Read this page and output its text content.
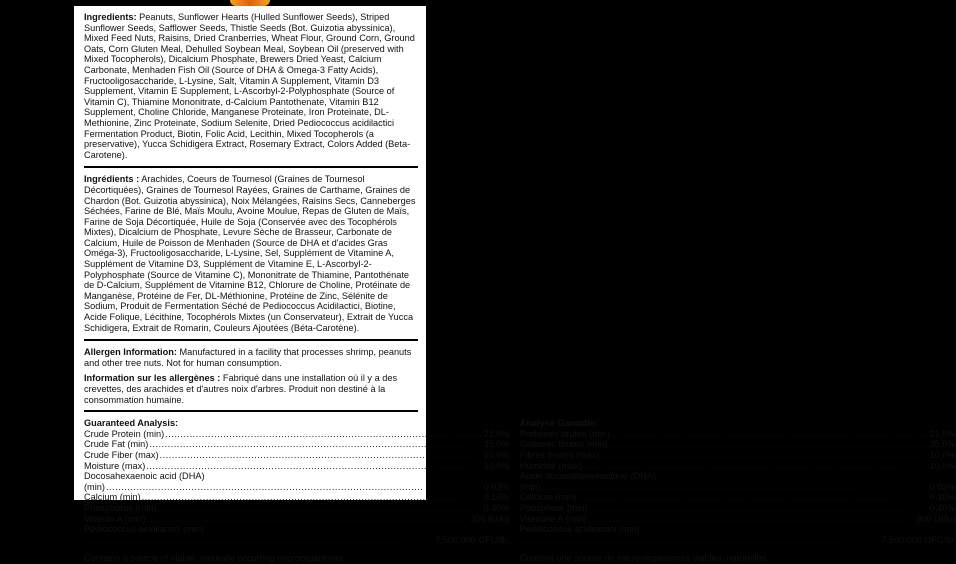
Ingredients: Peanuts, Sunflower Hearts (Hulled Sunflower Seeds), Striped Sunflower Seeds, Safflower Seeds, Thistle Seeds (Bot. Guizotia abyssinica), Mixed Feed Nuts, Raisins, Dried Cranberries, Wheat Flour, Ground Corn, Ground Oats, Corn Gluten Meal, Dehulled Soybean Meal, Soybean Oil (preserved with Mixed Tocopherols), Dicalcium Phosphate, Brewers Dried Yeast, Calcium Carbonate, Menhaden Fish Oil (Source of DHA & Omega-3 Fatty Acids), Fructooligosaccharide, L-Lysine, Salt, Vitamin A Supplement, Vitamin D3 Supplement, Vitamin E Supplement, L-Ascorbyl-2-Polyphosphate (Source of Vitamin C), Thiamine Mononitrate, d-Calcium Pantothenate, Vitamin B12 Supplement, Choline Chloride, Manganese Proteinate, Iron Proteinate, DL-Methionine, Zinc Proteinate, Sodium Selenite, Dried Pediococcus acidilactici Fermentation Product, Biotin, Folic Acid, Lecithin, Mixed Tocopherols (a preservative), Yucca Schidigera Extract, Rosemary Extract, Colors Added (Beta-Carotene).

Ingrédients : Arachides, Coeurs de Tournesol (Graines de Tournesol Décortiquées), Graines de Tournesol Rayées, Graines de Carthame, Graines de Chardon (Bot. Guizotia abyssinica), Noix Mélangées, Raisins Secs, Canneberges Séchées, Farine de Blé, Maïs Moulu, Avoine Moulue, Repas de Gluten de Maïs, Farine de Soja Décortiquée, Huile de Soja (Conservée avec des Tocophérols Mixtes), Dicalcium de Phosphate, Levure Sèche de Brasseur, Carbonate de Calcium, Huile de Poisson de Menhaden (Source de DHA et d'acides Gras Oméga-3), Fructooligosaccharide, L-Lysine, Sel, Supplément de Vitamine A, Supplément de Vitamine D3, Supplément de Vitamine E, L-Ascorbyl-2-Polyphosphate (Source de Vitamine C), Mononitrate de Thiamine, Pantothénate de D-Calcium, Supplément de Vitamine B12, Chlorure de Choline, Protéinate de Manganèse, Protéine de Fer, DL-Méthionine, Protéine de Zinc, Sélénite de Sodium, Produit de Fermentation Séché de Pediococcus Acidilactici, Biotine, Acide Folique, Lécithine, Tocophérols Mixtes (un Conservateur), Extrait de Yucca Schidigera, Extrait de Romarin, Couleurs Ajoutées (Béta-Carotène).

Allergen Information: Manufactured in a facility that processes shrimp, peanuts and other tree nuts. Not for human consumption.

Information sur les allergènes : Fabriqué dans une installation où il y a des crevettes, des arachides et d'autres noix d'arbres. Produit non destiné à la consommation humaine.

Guaranteed Analysis:
Crude Protein (min) .....	21.0%
Crude Fat (min) .....	35.0%
Crude Fiber (max) .....	10.0%
Moisture (max) .....	10.0%
Docosahexaenoic acid (DHA)
(min) .....	0.03%
Calcium (min) .....	0.10%
Phosphorus (min) .....	0.40%
Vitamin A (min) .....	300 IU/kg
Pediococcus acidilactici (min)
.....
7,500,000 CFU/lb.
Contains a source of viable, naturally occurring microorganisms.
Analyse Garantie:
Protéines brutes (min) .....	21,0%
Graisses brutes (min) .....	35,0%
Fibres brutes (max) .....	10,0%
Humidité (max) .....	10,0%
Acide docosahexaénoïque (DHA)
(min) .....	0,03%
Calcium (min) .....	0,10%
Phosphore (min) .....	0,40%
Vitamine A (min) .....	300 UI/kg
Pediococcus acidilactici (min)
.....
7.500.000 UFC/lb.
Contient une source de micro-organismes viables, naturelles.
